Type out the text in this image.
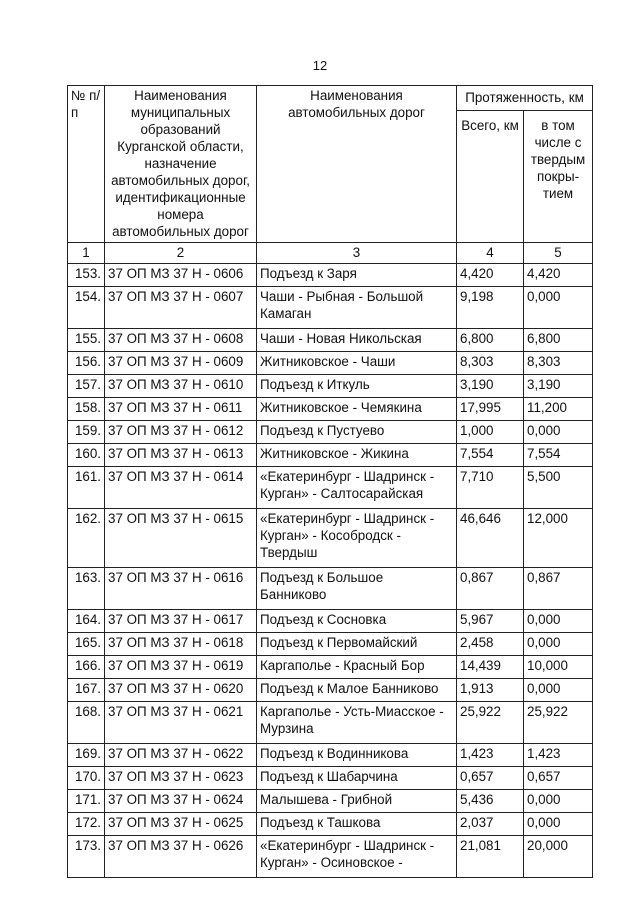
12
№ п/п	Наименования муниципальных образований Курганской области, назначение автомобильных дорог, идентификационные номера автомобильных дорог	Наименования автомобильных дорог	Протяженность, км	
			Всего, км	в том числе с твердым покры-тием
1	2	3	4	5
153.	37 ОП МЗ 37 Н - 0606	Подъезд к Заря	4,420	4,420
154.	37 ОП МЗ 37 Н - 0607	Чаши - Рыбная - Большой Камаган	9,198	0,000
155.	37 ОП МЗ 37 Н - 0608	Чаши - Новая Никольская	6,800	6,800
156.	37 ОП МЗ 37 Н - 0609	Житниковское - Чаши	8,303	8,303
157.	37 ОП МЗ 37 Н - 0610	Подъезд к Иткуль	3,190	3,190
158.	37 ОП МЗ 37 Н - 0611	Житниковское - Чемякина	17,995	11,200
159.	37 ОП МЗ 37 Н - 0612	Подъезд к Пустуево	1,000	0,000
160.	37 ОП МЗ 37 Н - 0613	Житниковское - Жикина	7,554	7,554
161.	37 ОП МЗ 37 Н - 0614	«Екатеринбург - Шадринск - Курган» - Салтосарайская	7,710	5,500
162.	37 ОП МЗ 37 Н - 0615	«Екатеринбург - Шадринск - Курган» - Кособродск - Твердыш	46,646	12,000
163.	37 ОП МЗ 37 Н - 0616	Подъезд к Большое Банниково	0,867	0,867
164.	37 ОП МЗ 37 Н - 0617	Подъезд к Сосновка	5,967	0,000
165.	37 ОП МЗ 37 Н - 0618	Подъезд к Первомайский	2,458	0,000
166.	37 ОП МЗ 37 Н - 0619	Каргаполье - Красный Бор	14,439	10,000
167.	37 ОП МЗ 37 Н - 0620	Подъезд к Малое Банниково	1,913	0,000
168.	37 ОП МЗ 37 Н - 0621	Каргаполье - Усть-Миасское - Мурзина	25,922	25,922
169.	37 ОП МЗ 37 Н - 0622	Подъезд к Водинникова	1,423	1,423
170.	37 ОП МЗ 37 Н - 0623	Подъезд к Шабарчина	0,657	0,657
171.	37 ОП МЗ 37 Н - 0624	Малышева - Грибной	5,436	0,000
172.	37 ОП МЗ 37 Н - 0625	Подъезд к Ташкова	2,037	0,000
173.	37 ОП МЗ 37 Н - 0626	«Екатеринбург - Шадринск - Курган» - Осиновское -	21,081	20,000
